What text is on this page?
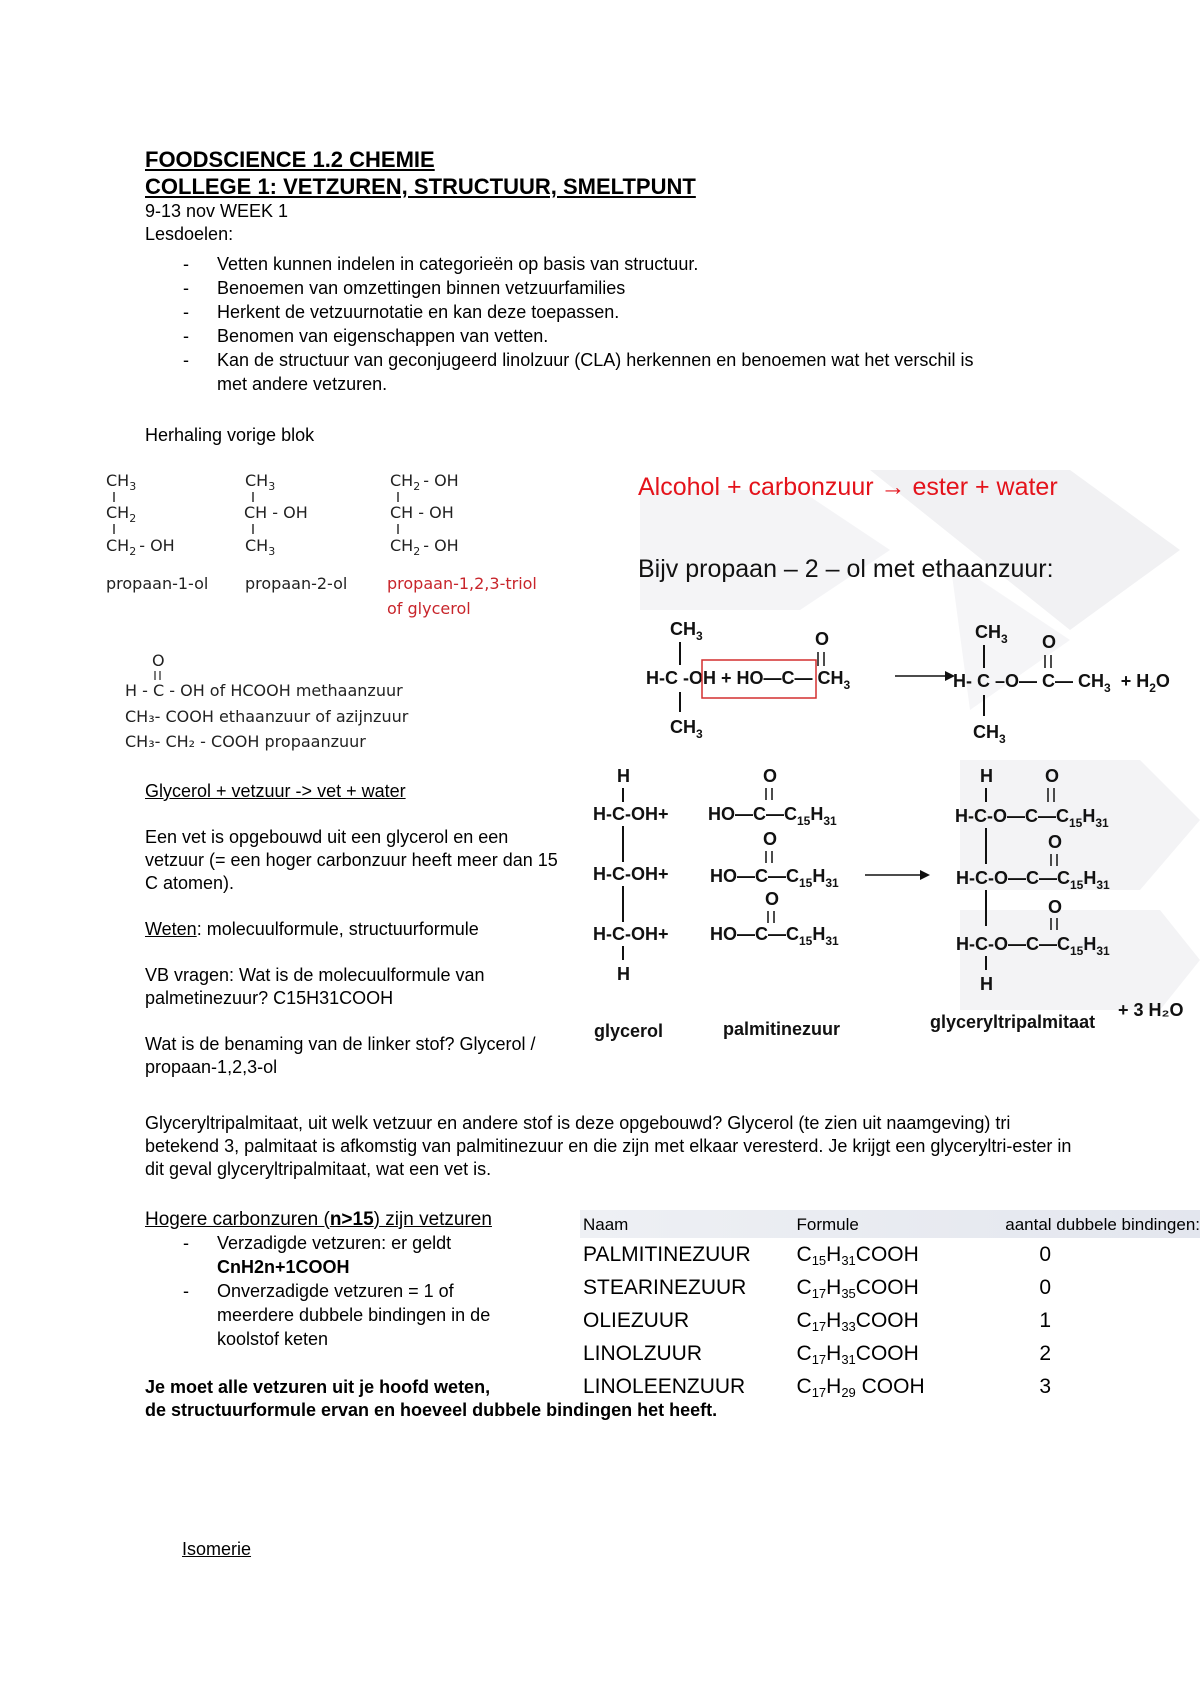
FOODSCIENCE 1.2 CHEMIE
COLLEGE 1: VETZUREN, STRUCTUUR, SMELTPUNT
9-13 nov WEEK 1
Lesdoelen:
- Vetten kunnen indelen in categorieën op basis van structuur.
- Benoemen van omzettingen binnen vetzuurfamilies
- Herkent de vetzuurnotatie en kan deze toepassen.
- Benomen van eigenschappen van vetten.
- Kan de structuur van geconjugeerd linolzuur (CLA) herkennen en benoemen wat het verschil is met andere vetzuren.
Herhaling vorige blok
$CH_3$
$CH_2$
$CH_2$ - OH
propaan-1-ol
$CH_3$
CH - OH
$CH_3$
propaan-2-ol
$CH_2$ - OH
CH - OH
$CH_2$ - OH
propaan-1,2,3-triol
of glycerol
O
H - C - OH of HCOOH methaanzuur
CH₃- COOH ethaanzuur of azijnzuur
CH₃- CH₂ - COOH propaanzuur
Alcohol + carbonzuur → ester + water
Bijv propaan – 2 – ol met ethaanzuur:
$CH_3$
H-C -OH + HO—C— $CH_3$
$CH_3$
O	$CH_3$
H- C –O— C— $CH_3 + H_2O$
O
$CH_3$
Glycerol + vetzuur -> vet + water
Een vet is opgebouwd uit een glycerol en een vetzuur (= een hoger carbonzuur heeft meer dan 15 C atomen).
Weten: molecuulformule, structuurformule
VB vragen: Wat is de molecuulformule van palmetinezuur? C15H31COOH
Wat is de benaming van de linker stof? Glycerol / propaan-1,2,3-ol
H
H-C-OH+
H-C-OH+
H-C-OH+
H
O
$HO—C—C_{15}H_{31}$
O
$HO—C—C_{15}H_{31}$
O
$HO—C—C_{15}H_{31}$
H
$H-C-O—C—C_{15}H_{31}$
O
O
$H-C-O—C—C_{15}H_{31}$
O
$H-C-O—C—C_{15}H_{31}$
H
glycerol	palmitinezuur	glyceryltripalmitaat
+ 3 H₂O
Glyceryltripalmitaat, uit welk vetzuur en andere stof is deze opgebouwd? Glycerol (te zien uit naamgeving) tri betekend 3, palmitaat is afkomstig van palmitinezuur en die zijn met elkaar veresterd. Je krijgt een glyceryltri-ester in dit geval glyceryltripalmitaat, wat een vet is.
Hogere carbonzuren (n>15) zijn vetzuren
- Verzadigde vetzuren: er geldt
CnH2n+1COOH
- Onverzadigde vetzuren = 1 of meerdere dubbele bindingen in de koolstof keten
Je moet alle vetzuren uit je hoofd weten,
de structuurformule ervan en hoeveel dubbele bindingen het heeft.
Naam	Formule	aantal dubbele bindingen:
PALMITINEZUUR	$C_{15}H_{31}COOH$	0
STEARINEZUUR	$C_{17}H_{35}COOH$	0
OLIEZUUR	$C_{17}H_{33}COOH$	1
LINOLZUUR	$C_{17}H_{31}COOH$	2
LINOLEENZUUR	$C_{17}H_{29}$ COOH	3
Isomerie
